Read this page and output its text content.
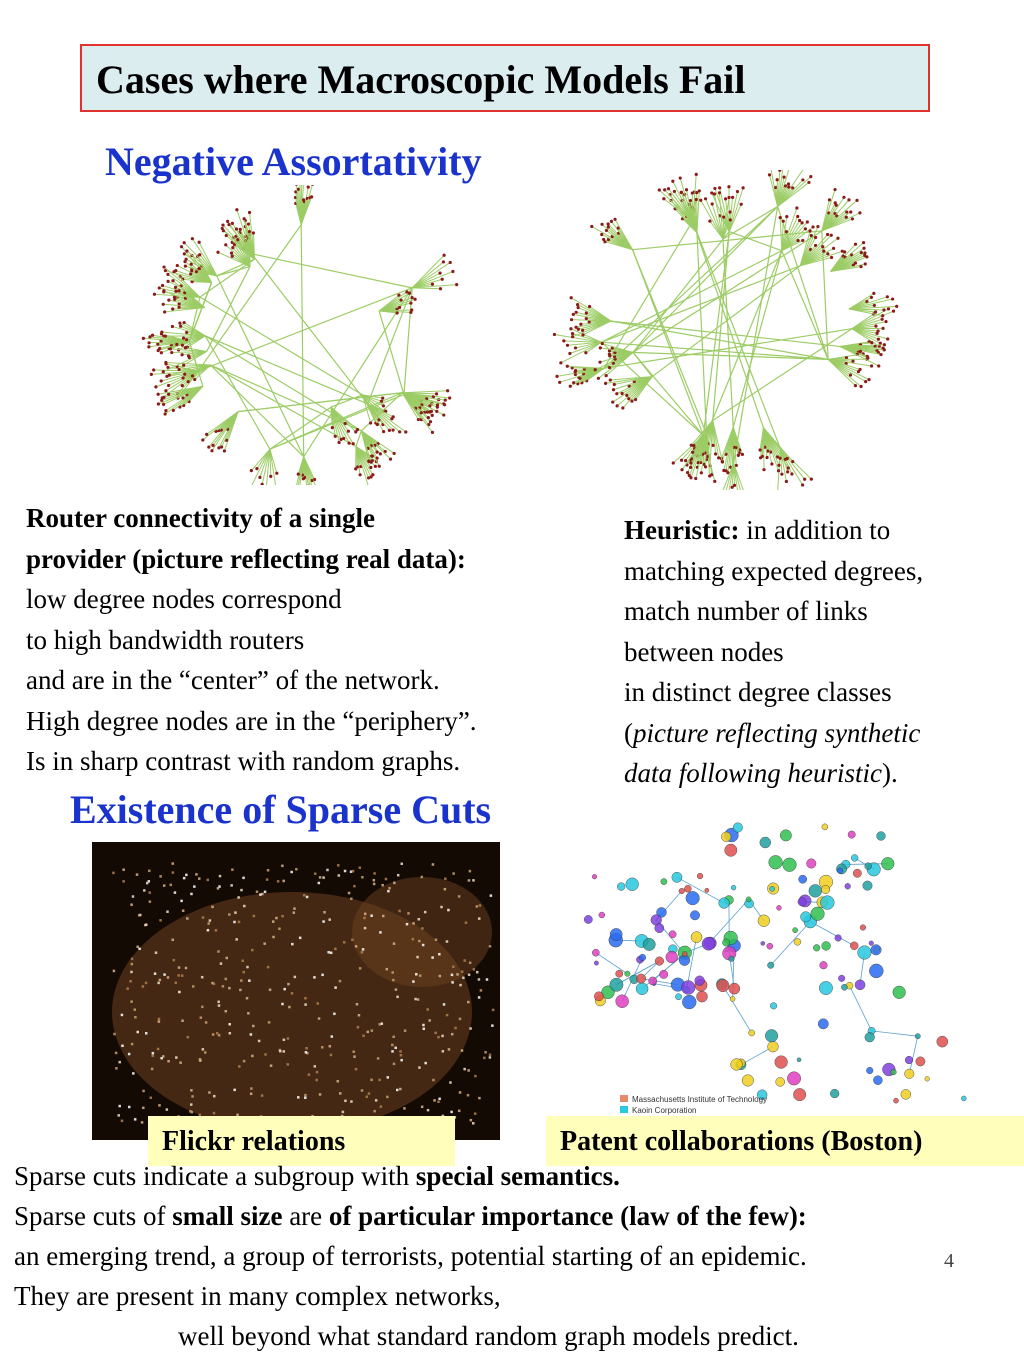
Cases where Macroscopic Models Fail
Negative Assortativity
Router connectivity of a single
provider (picture reflecting real data):
low degree nodes correspond
to high bandwidth routers
and are in the “center” of the network.
High degree nodes are in the “periphery”.
Is in sharp contrast with random graphs.
Heuristic: in addition to
matching expected degrees,
match number of links
between nodes
in distinct degree classes
(picture reflecting synthetic
data following heuristic).
Existence of Sparse Cuts
Massachusetts Institute of Technology
Kaoin Corporation
Flickr relations	Patent collaborations (Boston)
Sparse cuts indicate a subgroup with special semantics.
Sparse cuts of small size are of particular importance (law of the few):
an emerging trend, a group of terrorists, potential starting of an epidemic.
They are present in many complex networks,
well beyond what standard random graph models predict.
4
